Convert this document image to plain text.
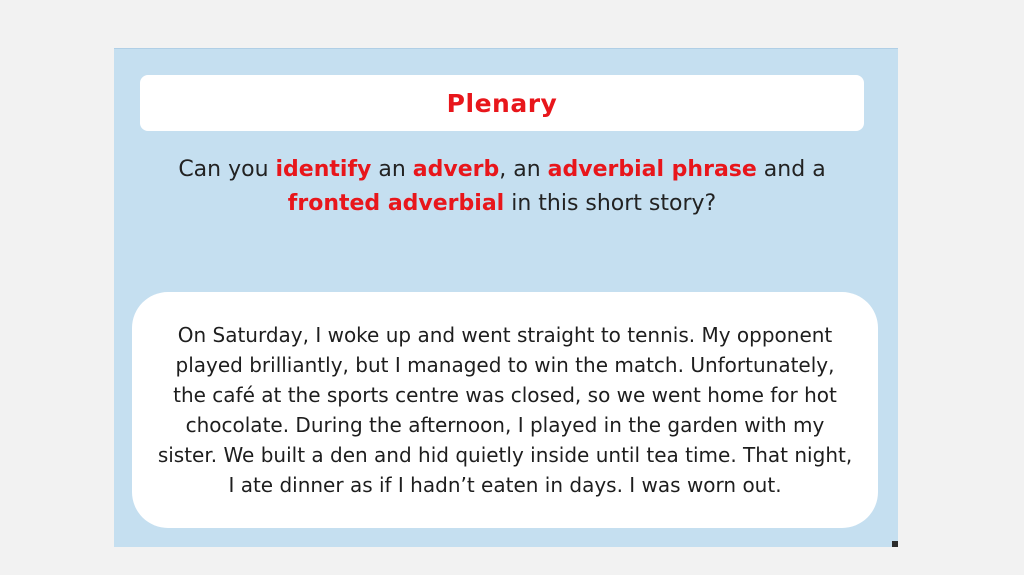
Plenary
Can you identify an adverb, an adverbial phrase and a
fronted adverbial in this short story?

On Saturday, I woke up and went straight to tennis. My opponent played brilliantly, but I managed to win the match. Unfortunately, the café at the sports centre was closed, so we went home for hot chocolate. During the afternoon, I played in the garden with my sister. We built a den and hid quietly inside until tea time. That night, I ate dinner as if I hadn’t eaten in days. I was worn out.
